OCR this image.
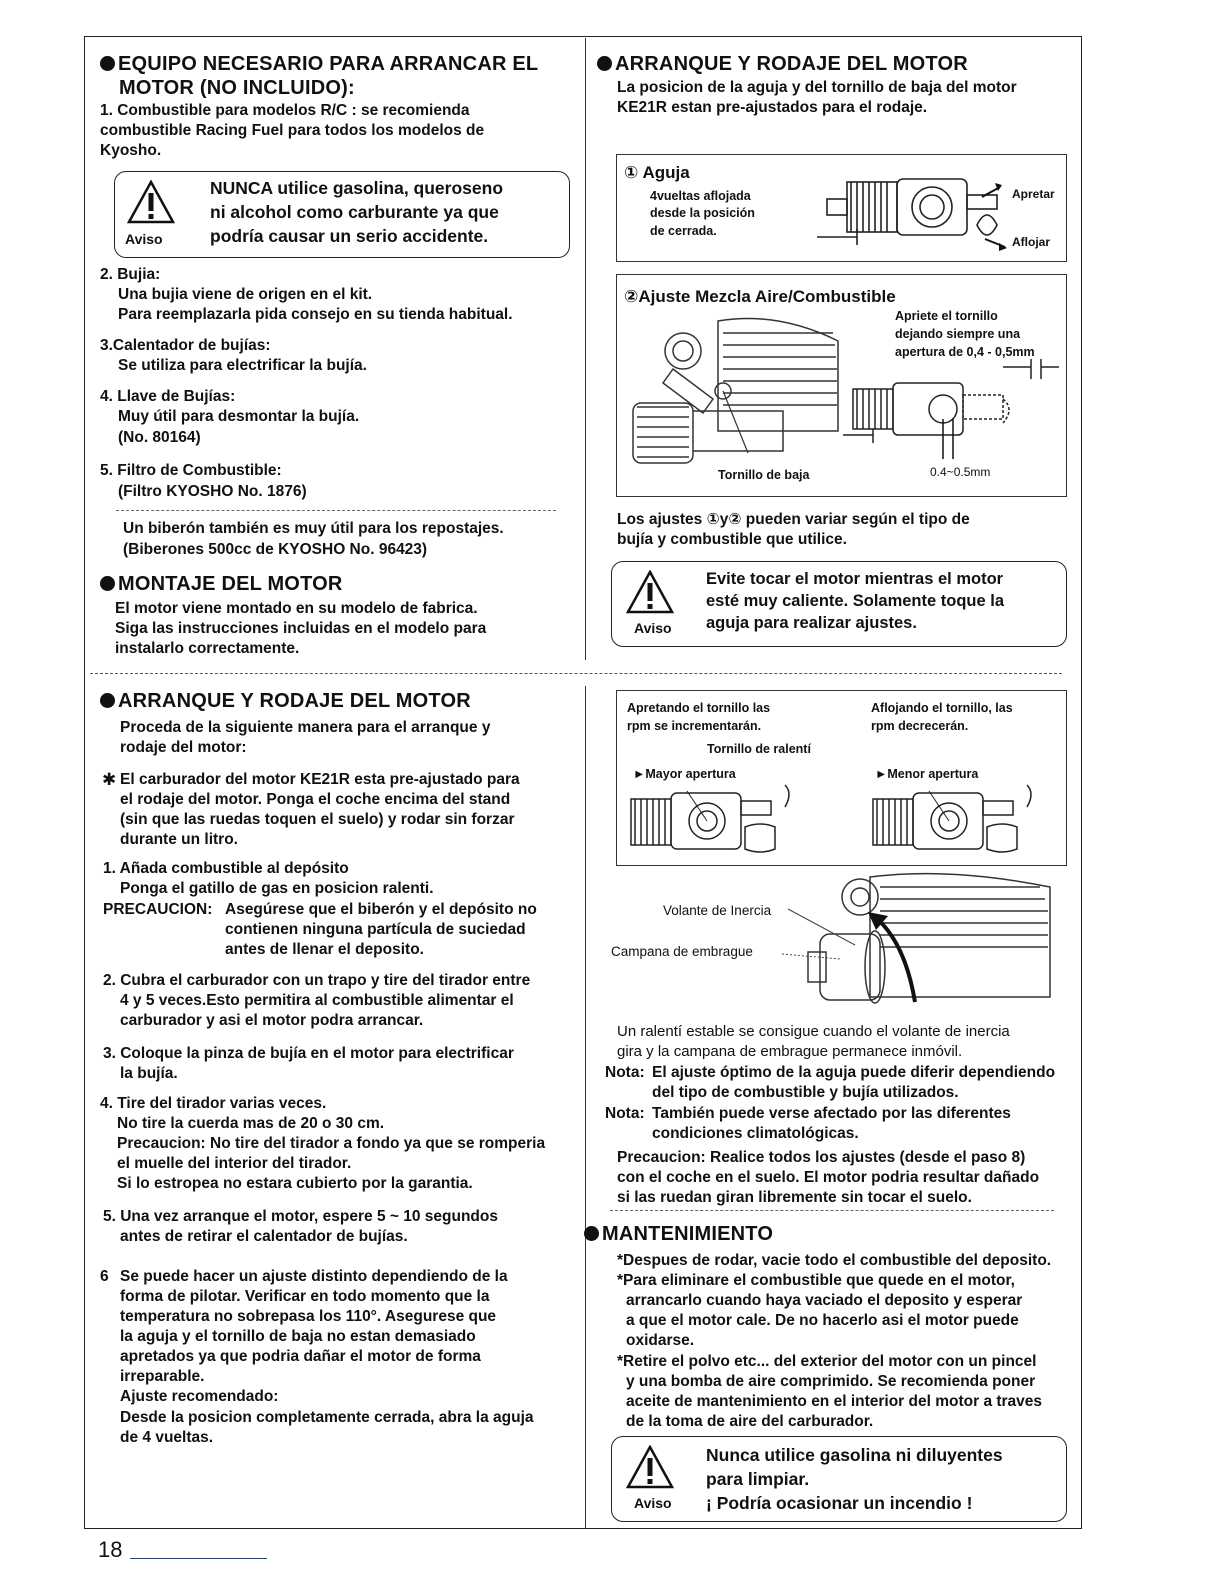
EQUIPO NECESARIO PARA ARRANCAR EL
MOTOR (NO INCLUIDO):
1. Combustible para modelos R/C : se recomienda
combustible Racing Fuel para todos los modelos de
Kyosho.
Aviso
NUNCA utilice gasolina, queroseno
ni alcohol como carburante ya que
podría causar un serio accidente.
2. Bujia:
Una bujia viene de origen en el kit.
Para reemplazarla pida consejo en su tienda habitual.
3.Calentador de bujías:
Se utiliza para electrificar la bujía.
4. Llave de Bujías:
Muy útil para desmontar la bujía.
(No. 80164)
5. Filtro de Combustible:
(Filtro KYOSHO No. 1876)
Un biberón también es muy útil para los repostajes.
(Biberones 500cc de KYOSHO No. 96423)
MONTAJE DEL MOTOR
El motor viene montado en su modelo de fabrica.
Siga las instrucciones incluidas en el modelo para
instalarlo correctamente.
ARRANQUE Y RODAJE DEL MOTOR
La posicion de la aguja y del tornillo de baja del motor
KE21R estan pre-ajustados para el rodaje.
① Aguja
4vueltas aflojada
desde la posición
de cerrada.
Apretar
Aflojar
②Ajuste Mezcla Aire/Combustible
Apriete el tornillo
dejando siempre una
apertura de 0,4 - 0,5mm
Tornillo de baja	0.4~0.5mm
Los ajustes ①y② pueden variar según el tipo de
bujía y combustible que utilice.
Aviso
Evite tocar el motor mientras el motor
esté muy caliente. Solamente toque la
aguja para realizar ajustes.
ARRANQUE Y RODAJE DEL MOTOR
Proceda de la siguiente manera para el arranque y
rodaje del motor:
✱ El carburador del motor KE21R esta pre-ajustado para
el rodaje del motor. Ponga el coche encima del stand
(sin que las ruedas toquen el suelo) y rodar sin forzar
durante un litro.
1. Añada combustible al depósito
Ponga el gatillo de gas en posicion ralenti.
PRECAUCION: Asegúrese que el biberón y el depósito no
contienen ninguna partícula de suciedad
antes de llenar el deposito.
2. Cubra el carburador con un trapo y tire del tirador entre
4 y 5 veces.Esto permitira al combustible alimentar el
carburador y asi el motor podra arrancar.
3. Coloque la pinza de bujía en el motor para electrificar
la bujía.
4. Tire del tirador varias veces.
No tire la cuerda mas de 20 o 30 cm.
Precaucion: No tire del tirador a fondo ya que se romperia
el muelle del interior del tirador.
Si lo estropea no estara cubierto por la garantia.
5. Una vez arranque el motor, espere 5 ~ 10 segundos
antes de retirar el calentador de bujías.
6 Se puede hacer un ajuste distinto dependiendo de la
forma de pilotar. Verificar en todo momento que la
temperatura no sobrepasa los 110°. Asegurese que
la aguja y el tornillo de baja no estan demasiado
apretados ya que podria dañar el motor de forma
irreparable.
Ajuste recomendado:
Desde la posicion completamente cerrada, abra la aguja
de 4 vueltas.
Apretando el tornillo las
rpm se incrementarán.
Aflojando el tornillo, las
rpm decrecerán.
Tornillo de ralentí
►Mayor apertura	►Menor apertura
Volante de Inercia
Campana de embrague
Un ralentí estable se consigue cuando el volante de inercia
gira y la campana de embrague permanece inmóvil.
Nota: El ajuste óptimo de la aguja puede diferir dependiendo
del tipo de combustible y bujía utilizados.
Nota: También puede verse afectado por las diferentes
condiciones climatológicas.
Precaucion: Realice todos los ajustes (desde el paso 8)
con el coche en el suelo. El motor podria resultar dañado
si las ruedan giran libremente sin tocar el suelo.
MANTENIMIENTO
*Despues de rodar, vacie todo el combustible del deposito.
*Para eliminare el combustible que quede en el motor,
arrancarlo cuando haya vaciado el deposito y esperar
a que el motor cale. De no hacerlo asi el motor puede
oxidarse.
*Retire el polvo etc... del exterior del motor con un pincel
y una bomba de aire comprimido. Se recomienda poner
aceite de mantenimiento en el interior del motor a traves
de la toma de aire del carburador.
Aviso
Nunca utilice gasolina ni diluyentes
para limpiar.
¡ Podría ocasionar un incendio !
18
